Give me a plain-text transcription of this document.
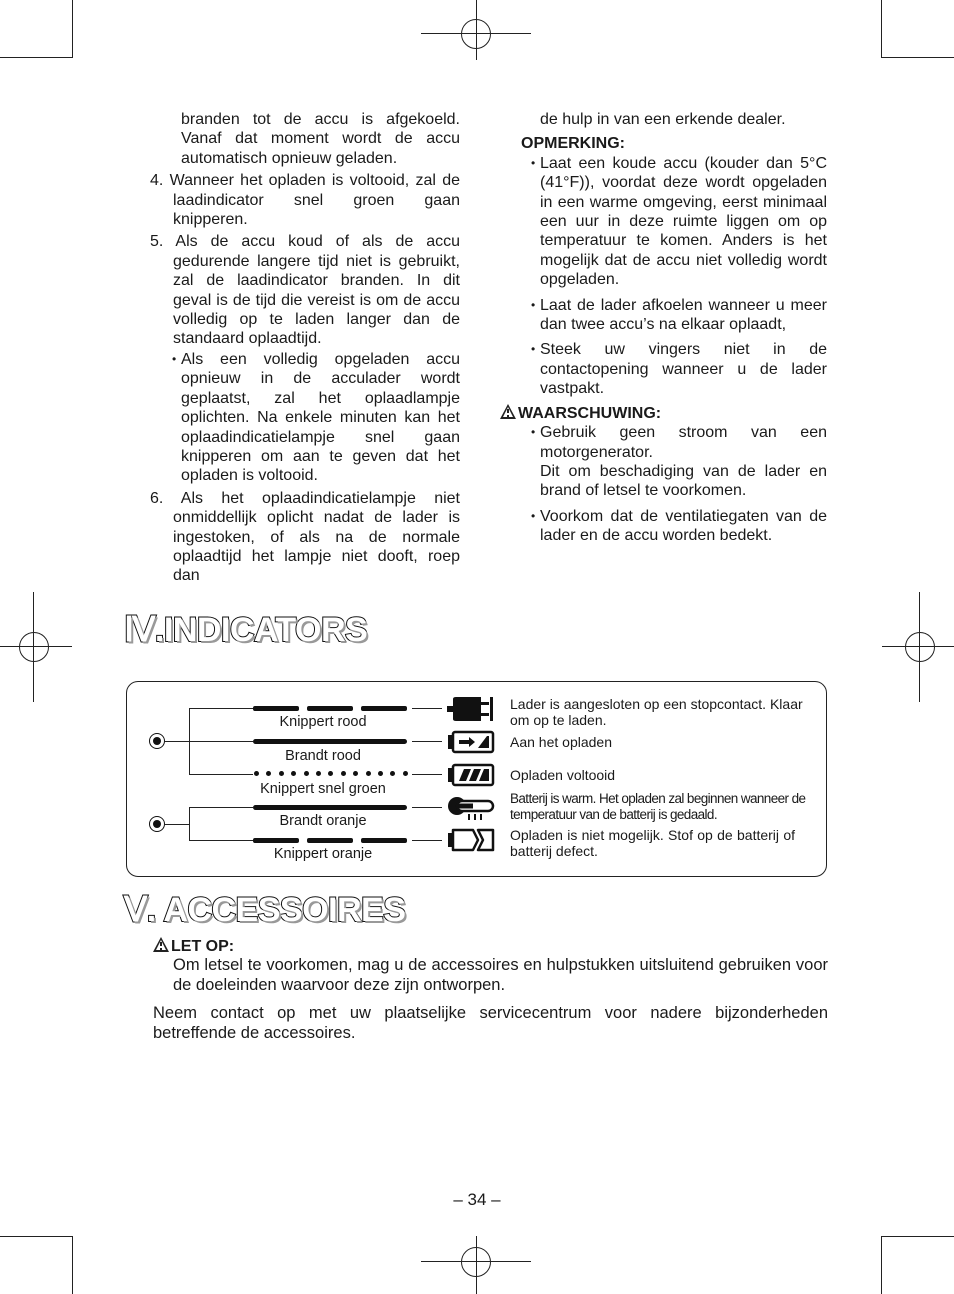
branden tot de accu is afgekoeld. Vanaf dat moment wordt de accu automatisch opnieuw geladen.

4. Wanneer het opladen is voltooid, zal de laadindicator snel groen gaan knipperen.

5. Als de accu koud of als de accu gedurende langere tijd niet is gebruikt, zal de laadindicator branden. In dit geval is de tijd die vereist is om de accu volledig op te laden langer dan de standaard oplaadtijd.

• Als een volledig opgeladen accu opnieuw in de acculader wordt geplaatst, zal het oplaadlampje oplichten. Na enkele minuten kan het oplaadindicatielampje snel gaan knipperen om aan te geven dat het opladen is voltooid.

6. Als het oplaadindicatielampje niet onmiddellijk oplicht nadat de lader is ingestoken, of als na de normale oplaadtijd het lampje niet dooft, roep dan

de hulp in van een erkende dealer.

OPMERKING:

• Laat een koude accu (kouder dan 5°C (41°F)), voordat deze wordt opgeladen in een warme omgeving, eerst minimaal een uur in deze ruimte liggen om op temperatuur te komen. Anders is het mogelijk dat de accu niet volledig wordt opgeladen.

• Laat de lader afkoelen wanneer u meer dan twee accu’s na elkaar oplaadt,

• Steek uw vingers niet in de contactopening wanneer u de lader vastpakt.

WAARSCHUWING:

• Gebruik geen stroom van een motorgenerator.

Dit om beschadiging van de lader en brand of letsel te voorkomen.

• Voorkom dat de ventilatiegaten van de lader en de accu worden bedekt.

Ⅳ.INDICATORS
Knippert rood
Brandt rood
Knippert snel groen
Brandt oranje
Knippert oranje
Lader is aangesloten op een stopcontact. Klaar om op te laden.
Aan het opladen
Opladen voltooid
Batterij is warm. Het opladen zal beginnen wanneer de temperatuur van de batterij is gedaald.
Opladen is niet mogelijk. Stof op de batterij of batterij defect.
Ⅴ. ACCESSOIRES

LET OP:

Om letsel te voorkomen, mag u de accessoires en hulpstukken uitsluitend gebruiken voor de doeleinden waarvoor deze zijn ontworpen.

Neem contact op met uw plaatselijke servicecentrum voor nadere bijzonderheden betreffende de accessoires.

– 34 –
